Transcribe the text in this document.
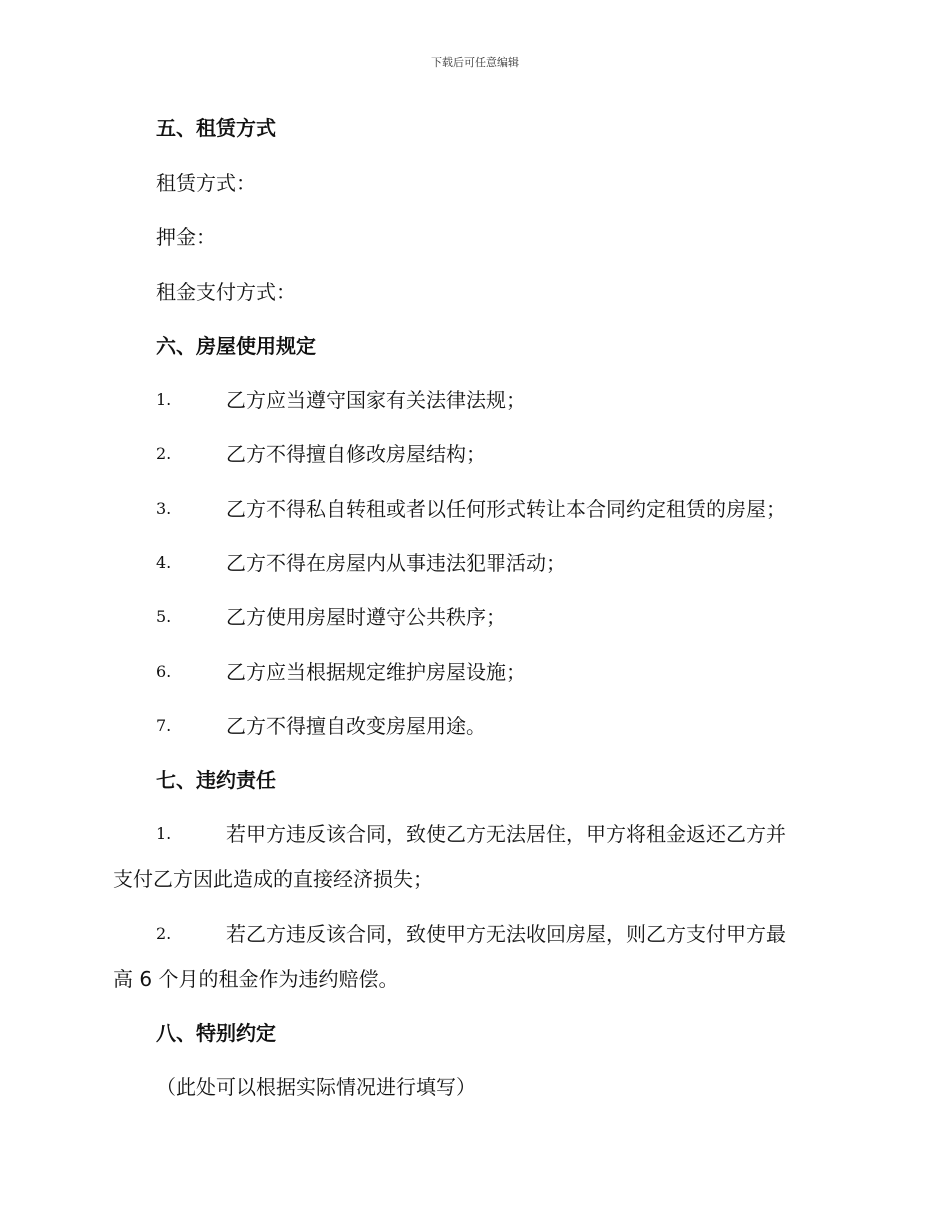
下载后可任意编辑
五、租赁方式
租赁方式：
押金：
租金支付方式：
六、房屋使用规定
1.	乙方应当遵守国家有关法律法规；
2.	乙方不得擅自修改房屋结构；
3.	乙方不得私自转租或者以任何形式转让本合同约定租赁的房屋；
4.	乙方不得在房屋内从事违法犯罪活动；
5.	乙方使用房屋时遵守公共秩序；
6.	乙方应当根据规定维护房屋设施；
7.	乙方不得擅自改变房屋用途。
七、违约责任
1.	若甲方违反该合同，致使乙方无法居住，甲方将租金返还乙方并
支付乙方因此造成的直接经济损失；
2.	若乙方违反该合同，致使甲方无法收回房屋，则乙方支付甲方最
高 6 个月的租金作为违约赔偿。
八、特别约定
（此处可以根据实际情况进行填写）
